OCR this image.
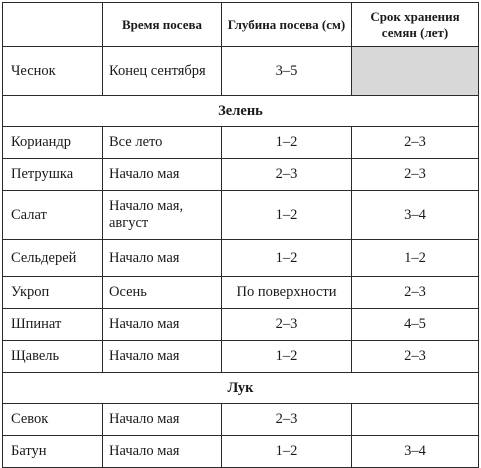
	Время посева	Глубина посева (см)	Срок хранения семян (лет)
Чеснок	Конец сентября	3–5	
Зелень			
Кориандр	Все лето	1–2	2–3
Петрушка	Начало мая	2–3	2–3
Салат	Начало мая, август	1–2	3–4
Сельдерей	Начало мая	1–2	1–2
Укроп	Осень	По поверхности	2–3
Шпинат	Начало мая	2–3	4–5
Щавель	Начало мая	1–2	2–3
Лук			
Севок	Начало мая	2–3	
Батун	Начало мая	1–2	3–4
